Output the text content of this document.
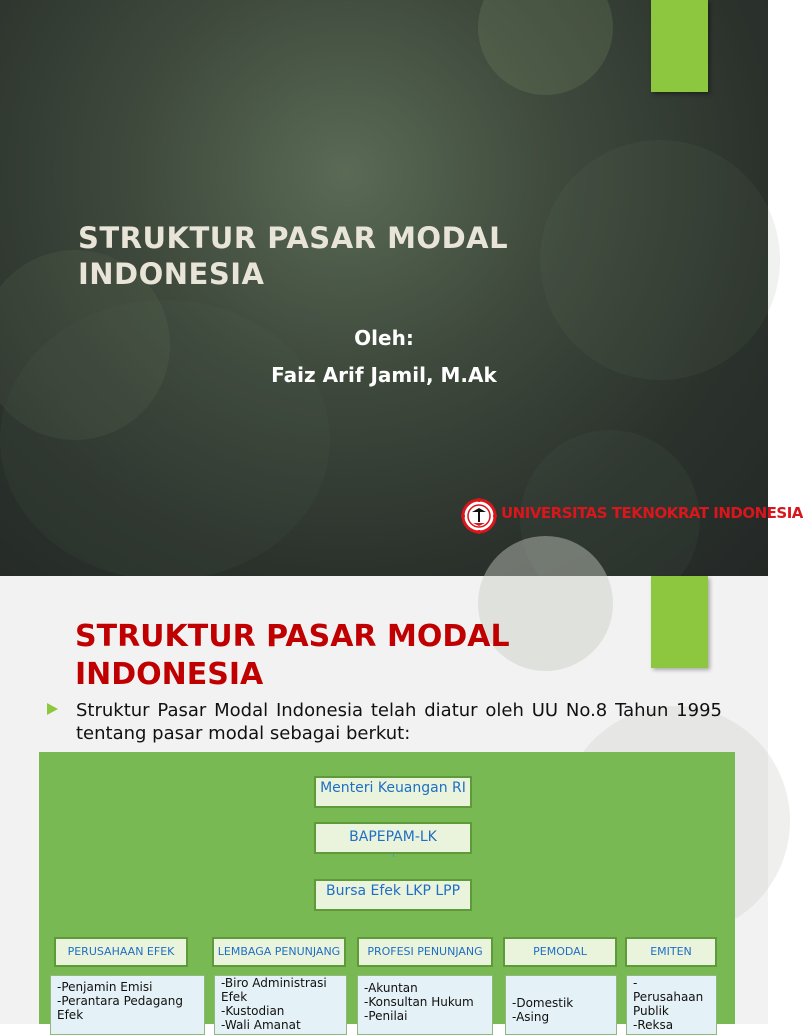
STRUKTUR PASAR MODAL
INDONESIA
Oleh:
Faiz Arif Jamil, M.Ak
UNIVERSITAS TEKNOKRAT INDONESIA
STRUKTUR PASAR MODAL
INDONESIA
Struktur Pasar Modal Indonesia telah diatur oleh UU No.8 Tahun 1995 tentang pasar modal sebagai berkut:
Menteri Keuangan RI
BAPEPAM-LK
Bursa Efek LKP LPP
PERUSAHAAN EFEK	LEMBAGA PENUNJANG PROFESI PENUNJANG	PEMODAL	EMITEN
-Penjamin Emisi
-Perantara Pedagang Efek
-Biro Administrasi Efek
-Kustodian
-Wali Amanat
-Akuntan
-Konsultan Hukum
-Penilai
-Domestik
-Asing
- Perusahaan Publik
-Reksa
